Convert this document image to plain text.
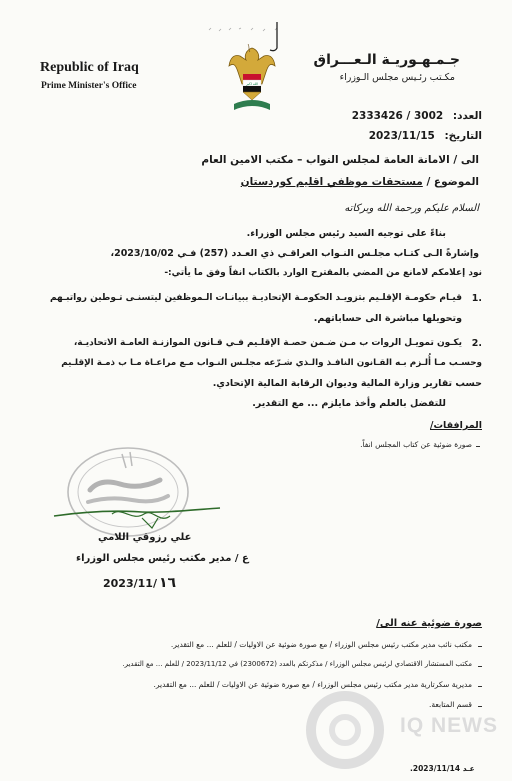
Republic of Iraq
Prime Minister's Office	الله اكبر
جـمـهـوريـة الـعـــراق
مكـتب رئـيس مجلس الـوزراء
العدد: 2333426 / 3002
التاريخ: 2023/11/15
الى / الامانة العامة لمجلس النواب – مكتب الامين العام
الموضوع / مستحقات موظفي اقليم كوردستان
السلام عليكم ورحمة الله وبركاته
بناءً على توجيه السيد رئيس مجلس الوزراء.
وإشارةً الـى كتـاب مجلـس النـواب العراقـي ذي العـدد (257) فـي 2023/10/02،
نود إعلامكم لامانع من المضي بالمقترح الوارد بالكتاب انفاً وفق ما يأتي:-
1.
قيـام حكومـة الإقلـيم بتزويـد الحكومـة الإتحاديـة ببيانـات الـموظفين ليتسنـى تـوطين رواتبـهم
وتحويلها مباشرة الى حساباتهم.
2.
يكـون تمويـل الروات ب مـن ضـمن حصـة الإقلـيم فـي قـانون الموازنـة العامـة الاتحاديـة،
وحسـب مـا أُلـزم بـه القـانون النافـذ والـذي شـرّعه مجلـس النـواب مـع مراعـاة مـا ب ذمـة الإقلـيم
حسب تقارير وزارة المالية وديوان الرقابة المالية الإتحادي.
للتفضل بالعلم وأخذ مايلزم ... مع التقدير.
المرافقات/
صورة ضوئية عن كتاب المجلس انفاً.
علي رزوقي اللامي
ع / مدير مكتب رئيس مجلس الوزراء
2023/11/ ١٦
صورة ضوئية عنه الى/
مكتب نائب مدير مكتب رئيس مجلس الوزراء / مع صورة ضوئية عن الاوليات / للعلم ... مع التقدير.
مكتب المستشار الاقتصادي لرئيس مجلس الوزراء / مذكرتكم بالعدد (2300672) في 2023/11/12 / للعلم ... مع التقدير.
مديرية سكرتارية مدير مكتب رئيس مجلس الوزراء / مع صورة ضوئية عن الاوليات / للعلم ... مع التقدير.
قسم المتابعة.
IQ NEWS
.2023/11/14 عـد
